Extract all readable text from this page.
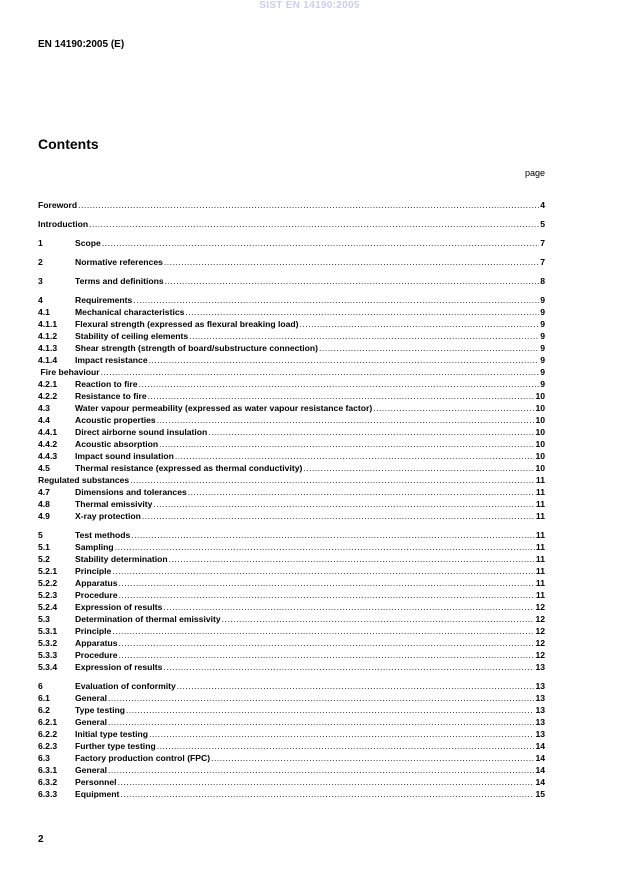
SIST EN 14190:2005
EN 14190:2005 (E)
Contents
page
Foreword .....	4
Introduction .....	5
1	Scope .....	7
2	Normative references .....	7
3	Terms and definitions .....	8
4	Requirements .....	9
4.1	Mechanical characteristics .....	9
4.1.1	Flexural strength (expressed as flexural breaking load) .....	9
4.1.2	Stability of ceiling elements .....	9
4.1.3	Shear strength (strength of board/substructure connection) .....	9
4.1.4	Impact resistance .....	9
Fire behaviour .....	9
4.2.1	Reaction to fire .....	9
4.2.2	Resistance to fire .....	10
4.3	Water vapour permeability (expressed as water vapour resistance factor) .....	10
4.4	Acoustic properties .....	10
4.4.1	Direct airborne sound insulation .....	10
4.4.2	Acoustic absorption .....	10
4.4.3	Impact sound insulation .....	10
4.5	Thermal resistance (expressed as thermal conductivity) .....	10
Regulated substances .....	11
4.7	Dimensions and tolerances .....	11
4.8	Thermal emissivity .....	11
4.9	X-ray protection .....	11
5	Test methods .....	11
5.1	Sampling .....	11
5.2	Stability determination .....	11
5.2.1	Principle .....	11
5.2.2	Apparatus .....	11
5.2.3	Procedure .....	11
5.2.4	Expression of results .....	12
5.3	Determination of thermal emissivity .....	12
5.3.1	Principle .....	12
5.3.2	Apparatus .....	12
5.3.3	Procedure .....	12
5.3.4	Expression of results .....	13
6	Evaluation of conformity .....	13
6.1	General .....	13
6.2	Type testing .....	13
6.2.1	General .....	13
6.2.2	Initial type testing .....	13
6.2.3	Further type testing .....	14
6.3	Factory production control (FPC) .....	14
6.3.1	General .....	14
6.3.2	Personnel .....	14
6.3.3	Equipment .....	15
2
